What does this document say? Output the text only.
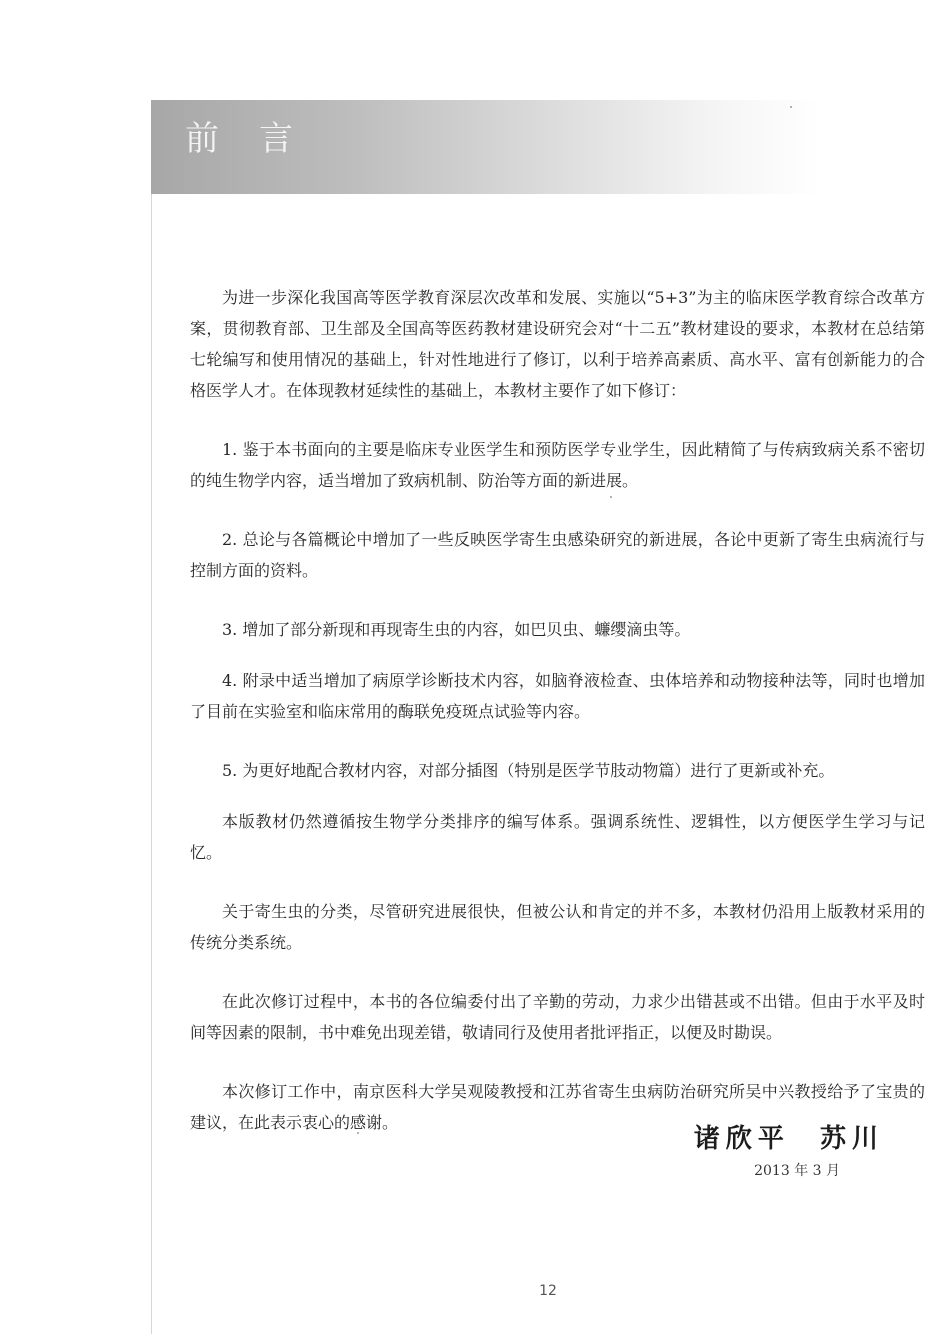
前言

为进一步深化我国高等医学教育深层次改革和发展、实施以“5+3”为主的临床医学教育综合改革方案，贯彻教育部、卫生部及全国高等医药教材建设研究会对“十二五”教材建设的要求，本教材在总结第七轮编写和使用情况的基础上，针对性地进行了修订，以利于培养高素质、高水平、富有创新能力的合格医学人才。在体现教材延续性的基础上，本教材主要作了如下修订：

1. 鉴于本书面向的主要是临床专业医学生和预防医学专业学生，因此精简了与传病致病关系不密切的纯生物学内容，适当增加了致病机制、防治等方面的新进展。

2. 总论与各篇概论中增加了一些反映医学寄生虫感染研究的新进展，各论中更新了寄生虫病流行与控制方面的资料。

3. 增加了部分新现和再现寄生虫的内容，如巴贝虫、蠊缨滴虫等。

4. 附录中适当增加了病原学诊断技术内容，如脑脊液检查、虫体培养和动物接种法等，同时也增加了目前在实验室和临床常用的酶联免疫斑点试验等内容。

5. 为更好地配合教材内容，对部分插图（特别是医学节肢动物篇）进行了更新或补充。

本版教材仍然遵循按生物学分类排序的编写体系。强调系统性、逻辑性，以方便医学生学习与记忆。

关于寄生虫的分类，尽管研究进展很快，但被公认和肯定的并不多，本教材仍沿用上版教材采用的传统分类系统。

在此次修订过程中，本书的各位编委付出了辛勤的劳动，力求少出错甚或不出错。但由于水平及时间等因素的限制，书中难免出现差错，敬请同行及使用者批评指正，以便及时勘误。

本次修订工作中，南京医科大学吴观陵教授和江苏省寄生虫病防治研究所吴中兴教授给予了宝贵的建议，在此表示衷心的感谢。

诸欣平  苏川
2013 年 3 月
12
